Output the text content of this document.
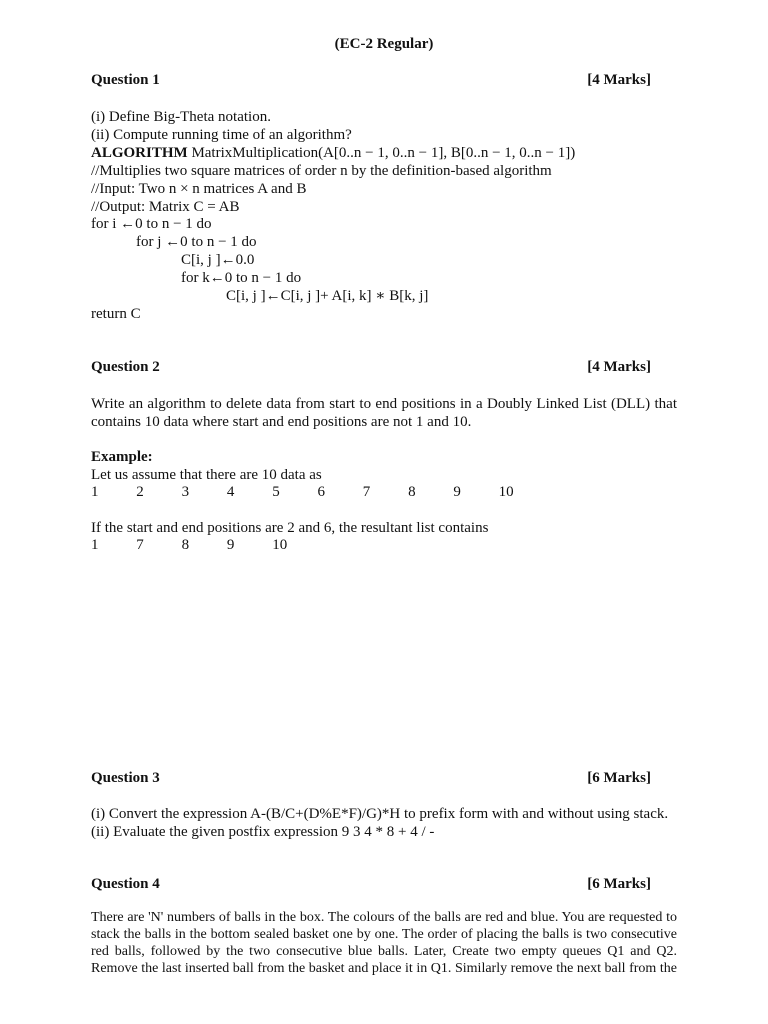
(EC-2 Regular)
Question 1	[4 Marks]
(i) Define Big-Theta notation.
(ii) Compute running time of an algorithm?
ALGORITHM MatrixMultiplication(A[0..n − 1, 0..n − 1], B[0..n − 1, 0..n − 1])
//Multiplies two square matrices of order n by the definition-based algorithm
//Input: Two n × n matrices A and B
//Output: Matrix C = AB
for i ←0 to n − 1 do
for j ←0 to n − 1 do
C[i, j ]←0.0
for k←0 to n − 1 do
C[i, j ]←C[i, j ]+ A[i, k] ∗ B[k, j]
return C
Question 2	[4 Marks]
Write an algorithm to delete data from start to end positions in a Doubly Linked List (DLL) that contains 10 data where start and end positions are not 1 and 10.
Example:
Let us assume that there are 10 data as
1	2	3	4	5	6	7	8	9	10
If the start and end positions are 2 and 6, the resultant list contains
1	7	8	9	10
Question 3	[6 Marks]
(i) Convert the expression A-(B/C+(D%E*F)/G)*H to prefix form with and without using stack.
(ii) Evaluate the given postfix expression 9 3 4 * 8 + 4 / -
Question 4	[6 Marks]
There are 'N' numbers of balls in the box. The colours of the balls are red and blue. You are requested to stack the balls in the bottom sealed basket one by one. The order of placing the balls is two consecutive red balls, followed by the two consecutive blue balls. Later, Create two empty queues Q1 and Q2. Remove the last inserted ball from the basket and place it in Q1. Similarly remove the next ball from the
